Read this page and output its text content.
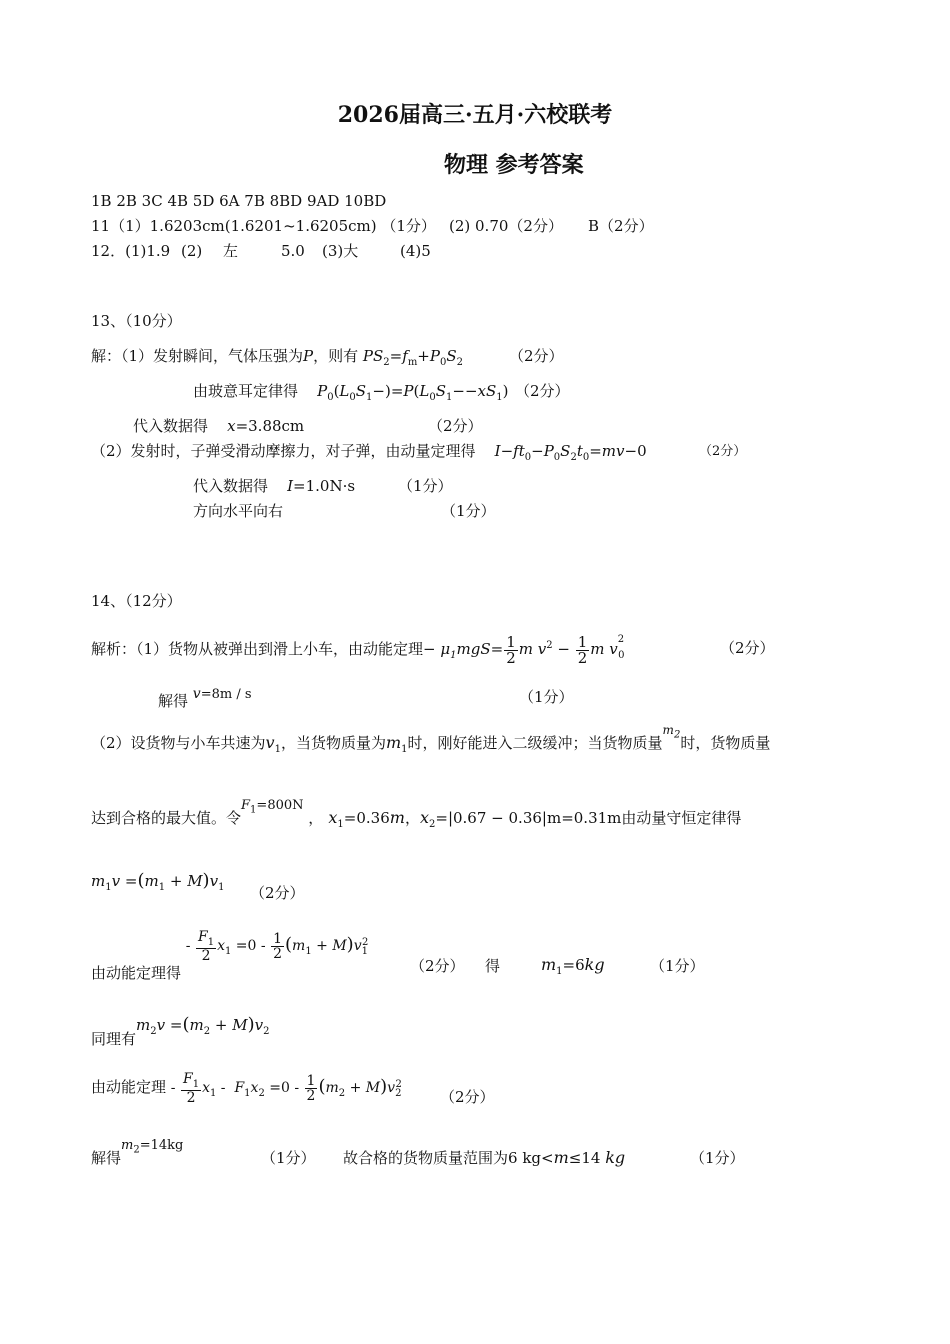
2026届高三·五月·六校联考
物理 参考答案
1B 2B 3C 4B 5D 6A 7B 8BD 9AD 10BD
11（1）1.6203cm(1.6201~1.6205cm) （1分） (2) 0.70（2分） B（2分）
12．(1)1.9 (2) 左	5.0 (3)大	(4)5
13、（10分）
解：（1）发射瞬间，气体压强为P，则有 $PS_2=f_m+P_0S_2$	（2分）
由玻意耳定律得 $P_0(L_0S_1-)=P(L_0S_1--xS_1)$ （2分）
代入数据得 x=3.88cm	（2分）
（2）发射时，子弹受滑动摩擦力，对子弹，由动量定理得 $I-ft_0-P_0S_2t_0=mv-0$	（2分）
代入数据得 I=1.0N·s	（1分）
方向水平向右	（1分）
14、（12分）
解析：（1）货物从被弹出到滑上小车，由动能定理− $\mu_1mgS= \frac{1}{2}$ m $v^2 - \frac{1}{2}$ m $v_{20}$	（2分）
解得 v=8m / s	（1分）
（2）设货物与小车共速为$v_1$，当货物质量为$m_1$时，刚好能进入二级缓冲；当货物质量$^{m_2}$时，货物质量
达到合格的最大值。令$F_1=800N$ ， $x_1=0.36m$，$x_2=|0.67 - 0.36|m=0.31m$由动量守恒定律得
$m_1v =(m_1 + M)v_1$ （2分）
由动能定理得 - $\frac{F_1}{2} x_1 =0 - \frac{1}{2} (m_1 + M)v_1^2$
（2分） 得	$m_1=6kg$	（1分）
同理有$m_2v =(m_2 + M)v_2$
由动能定理 - $\frac{F_1}{2} x_1 - F_1x_2 =0 - \frac{1}{2} (m_2 + M)v_2^2$
（2分）
解得$m_2=14kg$
（1分） 故合格的货物质量范围为6 kg<m≤14 kg	（1分）
